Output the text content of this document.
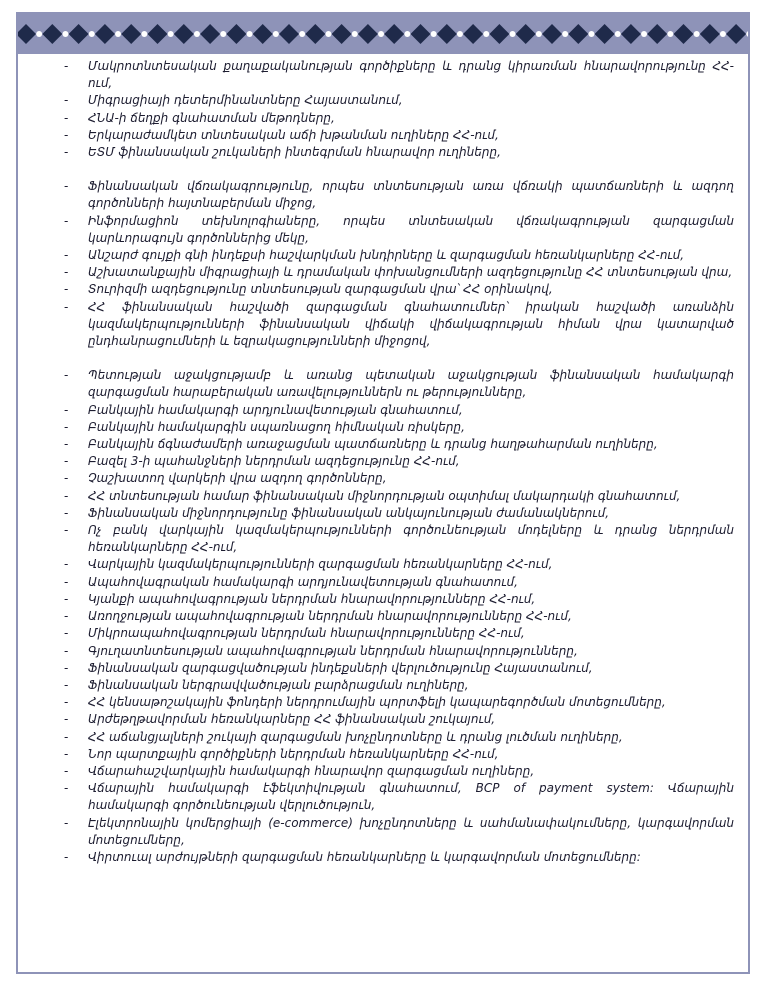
- Մակրոտնտեսական քաղաքականության գործիքները և դրանց կիրառման հնարավորությունը ՀՀ-ում,
- Միգրացիայի դետերմինանտները Հայաստանում,
- ՀՆԱ-ի ճեղքի գնահատման մեթոդները,
- Երկարաժամկետ տնտեսական աճի խթանման ուղիները ՀՀ-ում,
- ԵՏՄ ֆինանսական շուկաների ինտեգրման հնարավոր ուղիները,
- Ֆինանսական վճռակագրությունը, որպես տնտեսության առա վճռակի պատճառների և ազդող գործոնների հայտնաբերման միջոց,
- Ինֆորմացիոն տեխնոլոգիաները, որպես տնտեսական վճռակագրության զարգացման կարևորագույն գործոններից մեկը,
- Անշարժ գույքի գնի ինդեքսի հաշվարկման խնդիրները և զարգացման հեռանկարները ՀՀ-ում,
- Աշխատանքային միգրացիայի և դրամական փոխանցումների ազդեցությունը ՀՀ տնտեսության վրա,
- Տուրիզմի ազդեցությունը տնտեսության զարգացման վրա՝ ՀՀ օրինակով,
- ՀՀ ֆինանսական հաշվածի զարգացման գնահատումներ՝ իրական հաշվածի առանձին կազմակերպությունների ֆինանսական վիճակի վիճակագրության հիման վրա կատարված ընդհանրացումների և եզրակացությունների միջոցով,
- Պետության աջակցությամբ և առանց պետական աջակցության ֆինանսական համակարգի զարգացման հարաբերական առավելություններն ու թերությունները,
- Բանկային համակարգի արդյունավետության գնահատում,
- Բանկային համակարգին սպառնացող հիմնական ռիսկերը,
- Բանկային ճգնաժամերի առաջացման պատճառները և դրանց հաղթահարման ուղիները,
- Բազել 3-ի պահանջների ներդրման ազդեցությունը ՀՀ-ում,
- Չաշխատող վարկերի վրա ազդող գործոնները,
- ՀՀ տնտեսության համար ֆինանսական միջնորդության օպտիմալ մակարդակի գնահատում,
- Ֆինանսական միջնորդությունը ֆինանսական անկայունության ժամանակներում,
- Ոչ բանկ վարկային կազմակերպությունների գործունեության մոդելները և դրանց ներդրման հեռանկարները ՀՀ-ում,
- Վարկային կազմակերպությունների զարգացման հեռանկարները ՀՀ-ում,
- Ապահովագրական համակարգի արդյունավետության գնահատում,
- Կյանքի ապահովագրության ներդրման հնարավորությունները ՀՀ-ում,
- Առողջության ապահովագրության ներդրման հնարավորությունները ՀՀ-ում,
- Միկրոապահովագրության ներդրման հնարավորությունները ՀՀ-ում,
- Գյուղատնտեսության ապահովագրության ներդրման հնարավորությունները,
- Ֆինանսական զարգացվածության ինդեքսների վերլուծությունը Հայաստանում,
- Ֆինանսական ներգրավվածության բարձրացման ուղիները,
- ՀՀ կենսաթոշակային ֆոնդերի ներդրումային պորտֆելի կապարեգործման մոտեցումները,
- Արժեթղթավորման հեռանկարները ՀՀ ֆինանսական շուկայում,
- ՀՀ աճանցյալների շուկայի զարգացման խոչընդոտները և դրանց լուծման ուղիները,
- Նոր պարտքային գործիքների ներդրման հեռանկարները ՀՀ-ում,
- Վճարահաշվարկային համակարգի հնարավոր զարգացման ուղիները,
- Վճարային համակարգի էֆեկտիվության գնահատում, BCP of payment system: Վճարային համակարգի գործունեության վերլուծություն,
- Էլեկտրոնային կոմերցիայի (e-commerce) խոչընդոտները և սահմանափակումները, կարգավորման մոտեցումները,
- Վիրտուալ արժույթների զարգացման հեռանկարները և կարգավորման մոտեցումները:
